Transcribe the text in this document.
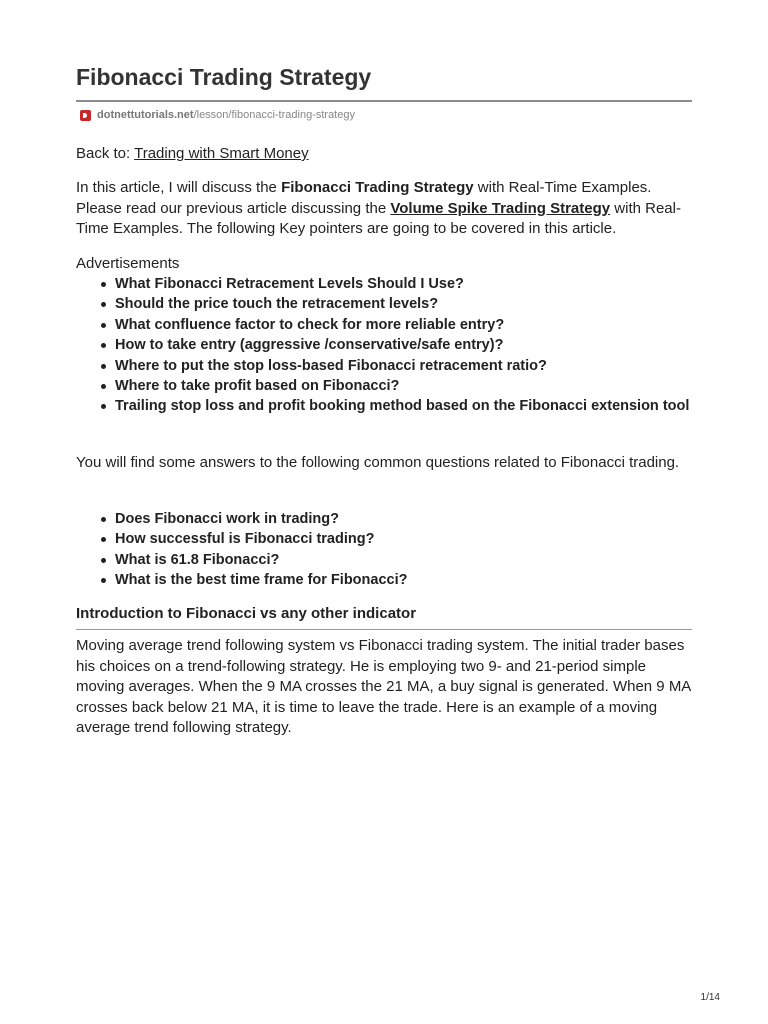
Fibonacci Trading Strategy
dotnettutorials.net /lesson/fibonacci-trading-strategy
Back to: Trading with Smart Money

In this article, I will discuss the Fibonacci Trading Strategy with Real-Time Examples. Please read our previous article discussing the Volume Spike Trading Strategy with Real-Time Examples. The following Key pointers are going to be covered in this article.

Advertisements
What Fibonacci Retracement Levels Should I Use?
Should the price touch the retracement levels?
What confluence factor to check for more reliable entry?
How to take entry (aggressive /conservative/safe entry)?
Where to put the stop loss-based Fibonacci retracement ratio?
Where to take profit based on Fibonacci?
Trailing stop loss and profit booking method based on the Fibonacci extension tool

You will find some answers to the following common questions related to Fibonacci trading.

Does Fibonacci work in trading?
How successful is Fibonacci trading?
What is 61.8 Fibonacci?
What is the best time frame for Fibonacci?
Introduction to Fibonacci vs any other indicator

Moving average trend following system vs Fibonacci trading system. The initial trader bases his choices on a trend-following strategy. He is employing two 9- and 21-period simple moving averages. When the 9 MA crosses the 21 MA, a buy signal is generated. When 9 MA crosses back below 21 MA, it is time to leave the trade. Here is an example of a moving average trend following strategy.

1/14
